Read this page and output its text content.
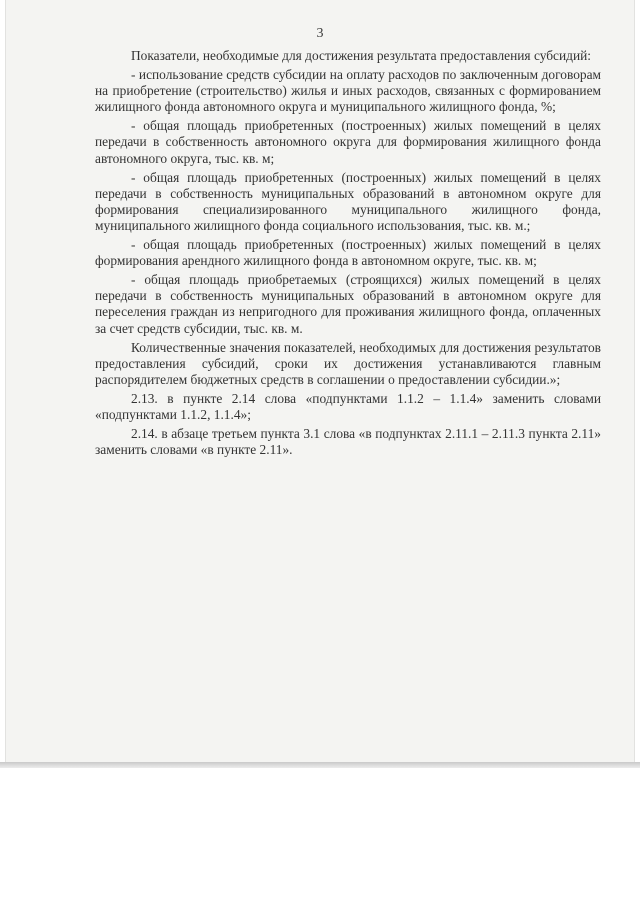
3

Показатели, необходимые для достижения результата предоставления субсидий:

- использование средств субсидии на оплату расходов по заключенным договорам на приобретение (строительство) жилья и иных расходов, связанных с формированием жилищного фонда автономного округа и муниципального жилищного фонда, %;

- общая площадь приобретенных (построенных) жилых помещений в целях передачи в собственность автономного округа для формирования жилищного фонда автономного округа, тыс. кв. м;

- общая площадь приобретенных (построенных) жилых помещений в целях передачи в собственность муниципальных образований в автономном округе для формирования специализированного муниципального жилищного фонда, муниципального жилищного фонда социального использования, тыс. кв. м.;

- общая площадь приобретенных (построенных) жилых помещений в целях формирования арендного жилищного фонда в автономном округе, тыс. кв. м;

- общая площадь приобретаемых (строящихся) жилых помещений в целях передачи в собственность муниципальных образований в автономном округе для переселения граждан из непригодного для проживания жилищного фонда, оплаченных за счет средств субсидии, тыс. кв. м.

Количественные значения показателей, необходимых для достижения результатов предоставления субсидий, сроки их достижения устанавливаются главным распорядителем бюджетных средств в соглашении о предоставлении субсидии.»;

2.13. в пункте 2.14 слова «подпунктами 1.1.2 – 1.1.4» заменить словами «подпунктами 1.1.2, 1.1.4»;

2.14. в абзаце третьем пункта 3.1 слова «в подпунктах 2.11.1 – 2.11.3 пункта 2.11» заменить словами «в пункте 2.11».
